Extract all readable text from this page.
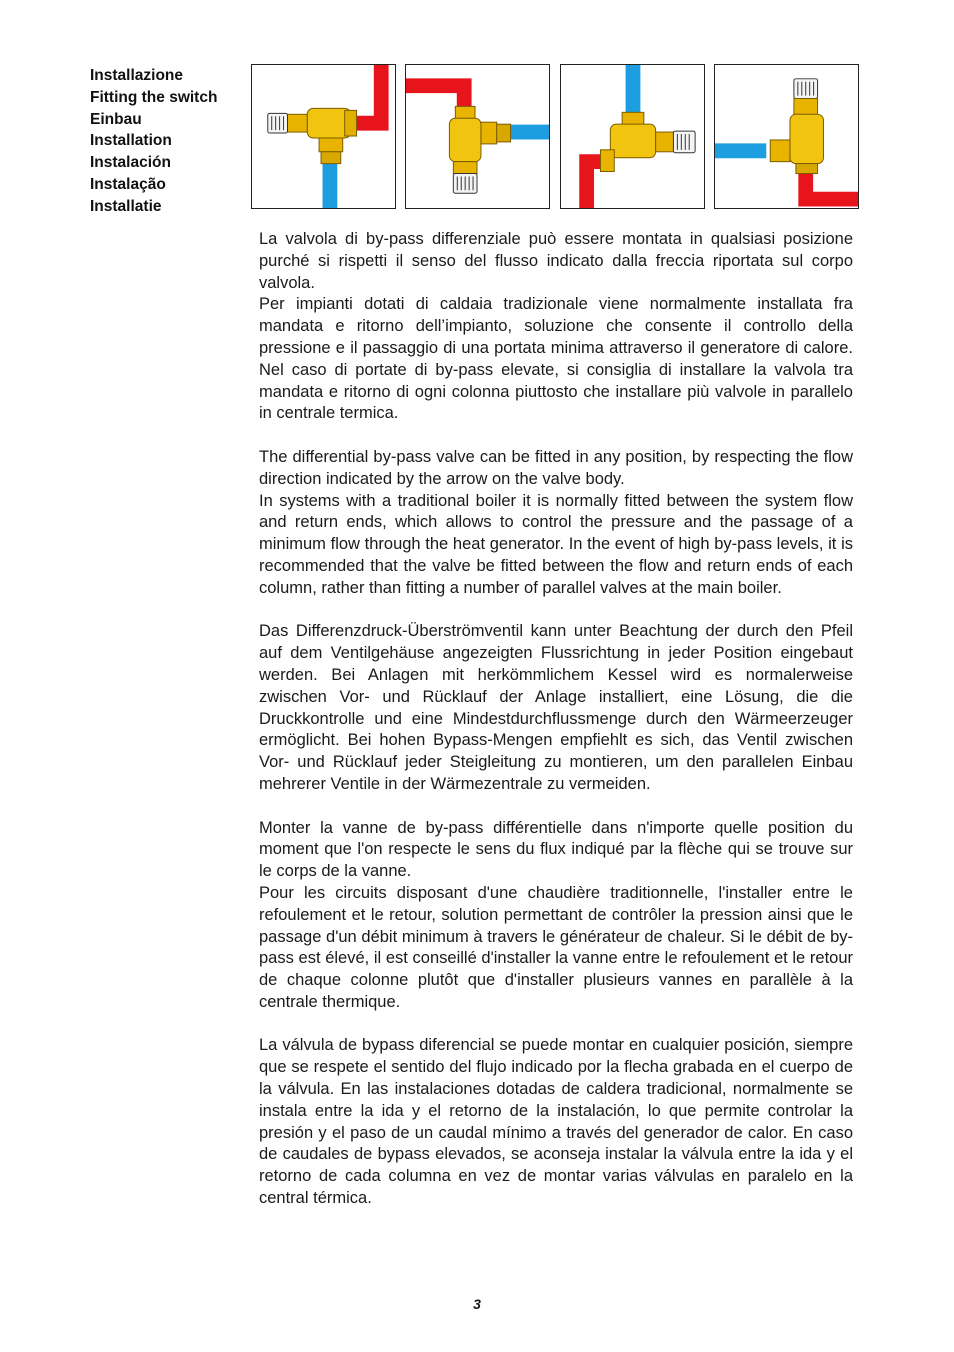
Installazione
Fitting the switch
Einbau
Installation
Instalación
Instalação
Installatie

La valvola di by-pass differenziale può essere montata in qualsiasi posizione purché si rispetti il senso del flusso indicato dalla freccia riportata sul corpo valvola.

Per impianti dotati di caldaia tradizionale viene normalmente installata fra mandata e ritorno dell’impianto, soluzione che consente il controllo della pressione e il passaggio di una portata minima attraverso il generatore di calore. Nel caso di portate di by-pass elevate, si consiglia di installare la valvola tra mandata e ritorno di ogni colonna piuttosto che installare più valvole in parallelo in centrale termica.

The differential by-pass valve can be fitted in any position, by respecting the flow direction indicated by the arrow on the valve body.

In systems with a traditional boiler it is normally fitted between the system flow and return ends, which allows to control the pressure and the passage of a minimum flow through the heat generator. In the event of high by-pass levels, it is recommended that the valve be fitted between the flow and return ends of each column, rather than fitting a number of parallel valves at the main boiler.

Das Differenzdruck-Überströmventil kann unter Beachtung der durch den Pfeil auf dem Ventilgehäuse angezeigten Flussrichtung in jeder Position eingebaut werden. Bei Anlagen mit herkömmlichem Kessel wird es normalerweise zwischen Vor- und Rücklauf der Anlage installiert, eine Lösung, die die Druckkontrolle und eine Mindestdurchflussmenge durch den Wärmeerzeuger ermöglicht. Bei hohen Bypass-Mengen empfiehlt es sich, das Ventil zwischen Vor- und Rücklauf jeder Steigleitung zu montieren, um den parallelen Einbau mehrerer Ventile in der Wärmezentrale zu vermeiden.

Monter la vanne de by-pass différentielle dans n'importe quelle position du moment que l'on respecte le sens du flux indiqué par la flèche qui se trouve sur le corps de la vanne.

Pour les circuits disposant d'une chaudière traditionnelle, l'installer entre le refoulement et le retour, solution permettant de contrôler la pression ainsi que le passage d'un débit minimum à travers le générateur de chaleur. Si le débit de by-pass est élevé, il est conseillé d'installer la vanne entre le refoulement et le retour de chaque colonne plutôt que d'installer plusieurs vannes en parallèle à la centrale thermique.

La válvula de bypass diferencial se puede montar en cualquier posición, siempre que se respete el sentido del flujo indicado por la flecha grabada en el cuerpo de la válvula. En las instalaciones dotadas de caldera tradicional, normalmente se instala entre la ida y el retorno de la instalación, lo que permite controlar la presión y el paso de un caudal mínimo a través del generador de calor. En caso de caudales de bypass elevados, se aconseja instalar la válvula entre la ida y el retorno de cada columna en vez de montar varias válvulas en paralelo en la central térmica.

3
